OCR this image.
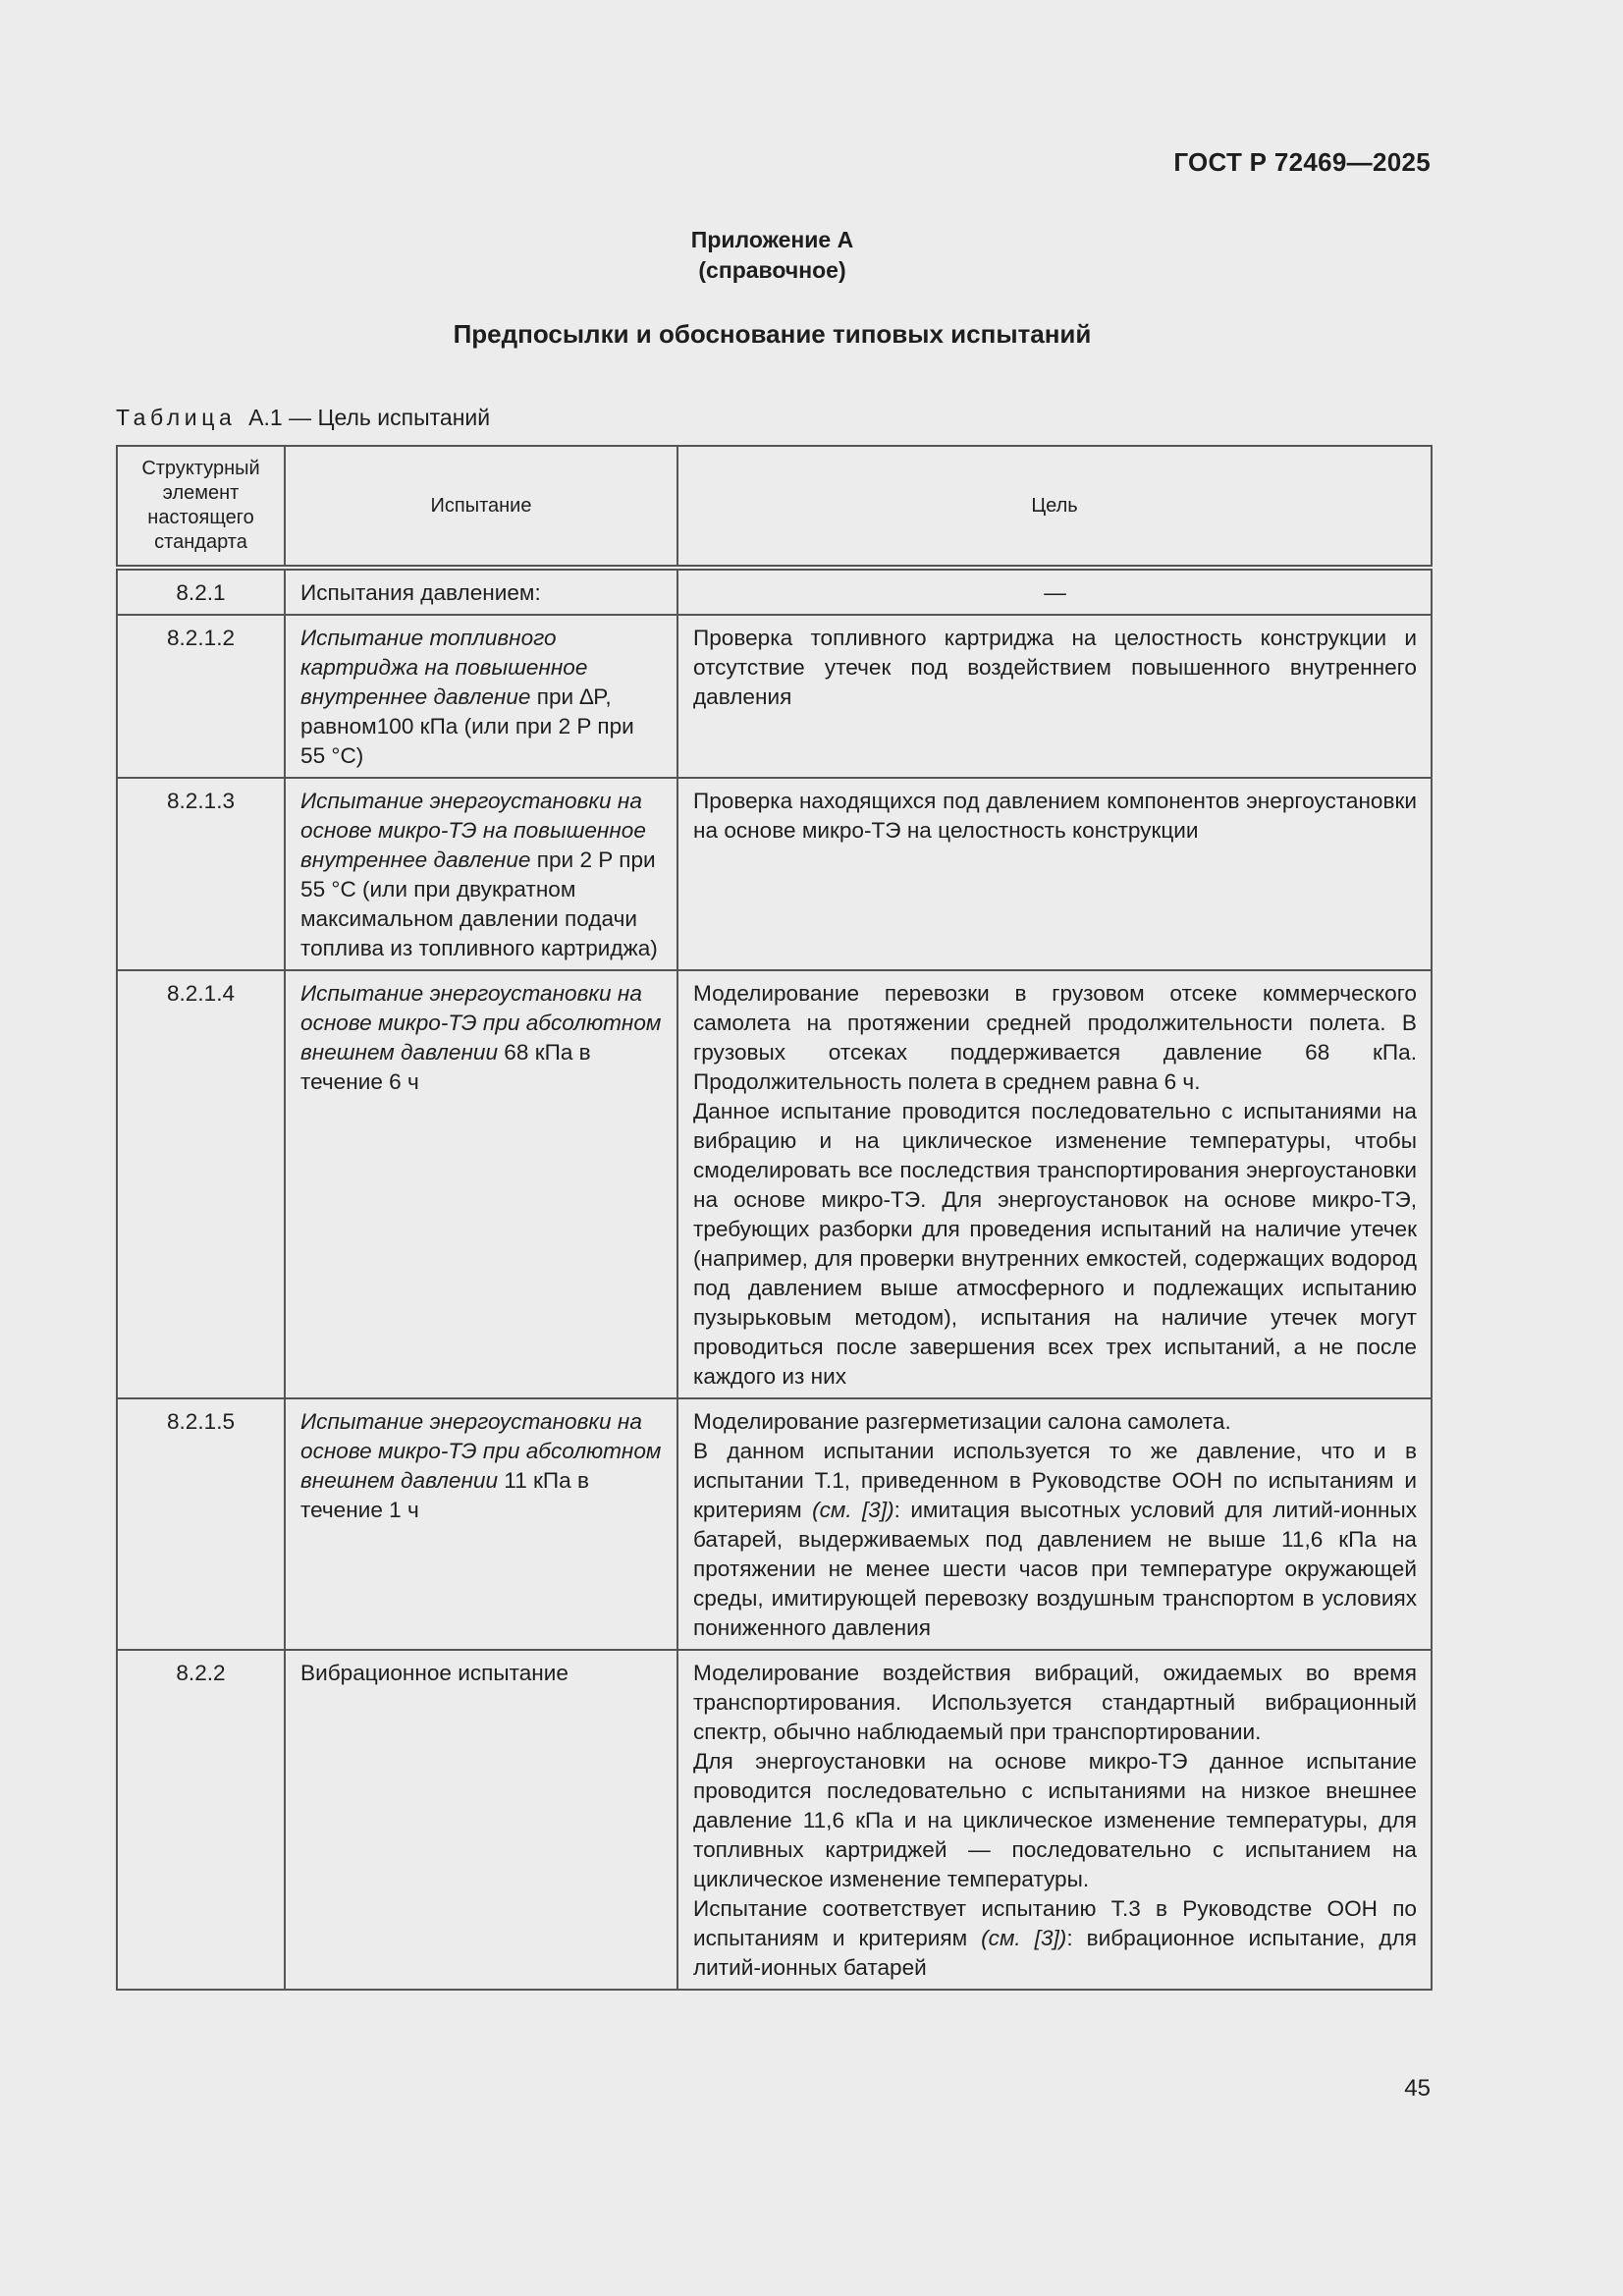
ГОСТ Р 72469—2025
Приложение А
(справочное)
Предпосылки и обоснование типовых испытаний
Таблица А.1 — Цель испытаний
Структурный элемент настоящего стандарта	Испытание	Цель
8.2.1	Испытания давлением:	—

8.2.1.2	Испытание топливного картриджа на повышенное внутреннее давление при ∆P, равном100 кПа (или при 2 P при 55 °С)	Проверка топливного картриджа на целостность конструкции и отсутствие утечек под воздействием повышенного внутреннего давления

8.2.1.3	Испытание энергоустановки на основе микро-ТЭ на повышенное внутреннее давление при 2 P при 55 °С (или при двукратном максимальном давлении подачи топлива из топливного картриджа)	Проверка находящихся под давлением компонентов энергоустановки на основе микро-ТЭ на целостность конструкции

8.2.1.4	Испытание энергоустановки на основе микро-ТЭ при абсолютном внешнем давлении 68 кПа в течение 6 ч	Моделирование перевозки в грузовом отсеке коммерческого самолета на протяжении средней продолжительности полета. В грузовых отсеках поддерживается давление 68 кПа. Продолжительность полета в среднем равна 6 ч.
Данное испытание проводится последовательно с испытаниями на вибрацию и на циклическое изменение температуры, чтобы смоделировать все последствия транспортирования энергоустановки на основе микро-ТЭ. Для энергоустановок на основе микро-ТЭ, требующих разборки для проведения испытаний на наличие утечек (например, для проверки внутренних емкостей, содержащих водород под давлением выше атмосферного и подлежащих испытанию пузырьковым методом), испытания на наличие утечек могут проводиться после завершения всех трех испытаний, а не после каждого из них

8.2.1.5	Испытание энергоустановки на основе микро-ТЭ при абсолютном внешнем давлении 11 кПа в течение 1 ч	Моделирование разгерметизации салона самолета.
В данном испытании используется то же давление, что и в испытании Т.1, приведенном в Руководстве ООН по испытаниям и критериям (см. [3]): имитация высотных условий для литий-ионных батарей, выдерживаемых под давлением не выше 11,6 кПа на протяжении не менее шести часов при температуре окружающей среды, имитирующей перевозку воздушным транспортом в условиях пониженного давления

8.2.2	Вибрационное испытание	Моделирование воздействия вибраций, ожидаемых во время транспортирования. Используется стандартный вибрационный спектр, обычно наблюдаемый при транспортировании.
Для энергоустановки на основе микро-ТЭ данное испытание проводится последовательно с испытаниями на низкое внешнее давление 11,6 кПа и на циклическое изменение температуры, для топливных картриджей — последовательно с испытанием на циклическое изменение температуры.
Испытание соответствует испытанию Т.3 в Руководстве ООН по испытаниям и критериям (см. [3]): вибрационное испытание, для литий-ионных батарей
45
